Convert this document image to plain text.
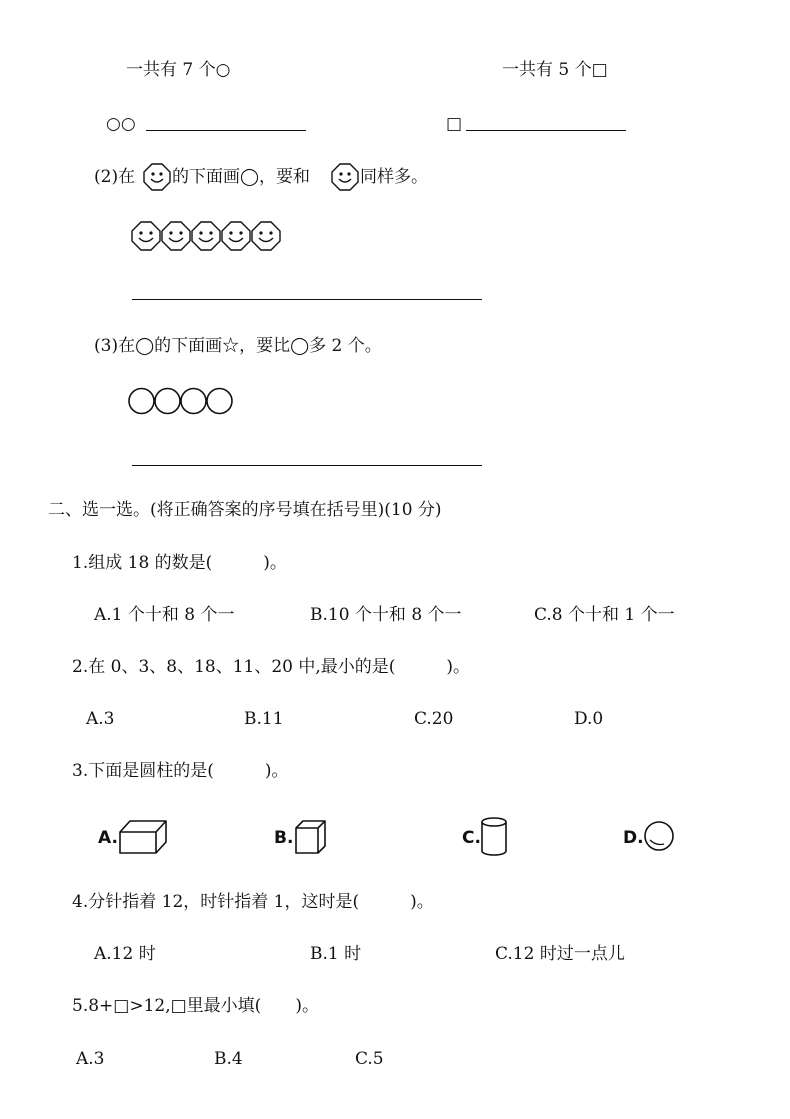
一共有 7 个○	一共有 5 个□
○○	□
(2)在 的下面画◯，要和	同样多。
(3)在◯的下面画☆，要比◯多 2 个。
二、选一选。(将正确答案的序号填在括号里)(10 分)
1.组成 18 的数是(　　　)。
A.1 个十和 8 个一	B.10 个十和 8 个一	C.8 个十和 1 个一
2.在 0、3、8、18、11、20 中,最小的是(　　　)。
A.3	B.11	C.20	D.0
3.下面是圆柱的是(　　　)。
A.	B.	C.	D.
4.分针指着 12，时针指着 1，这时是(　　　)。
A.12 时	B.1 时	C.12 时过一点儿
5.8+□>12,□里最小填(　　)。
A.3	B.4	C.5
